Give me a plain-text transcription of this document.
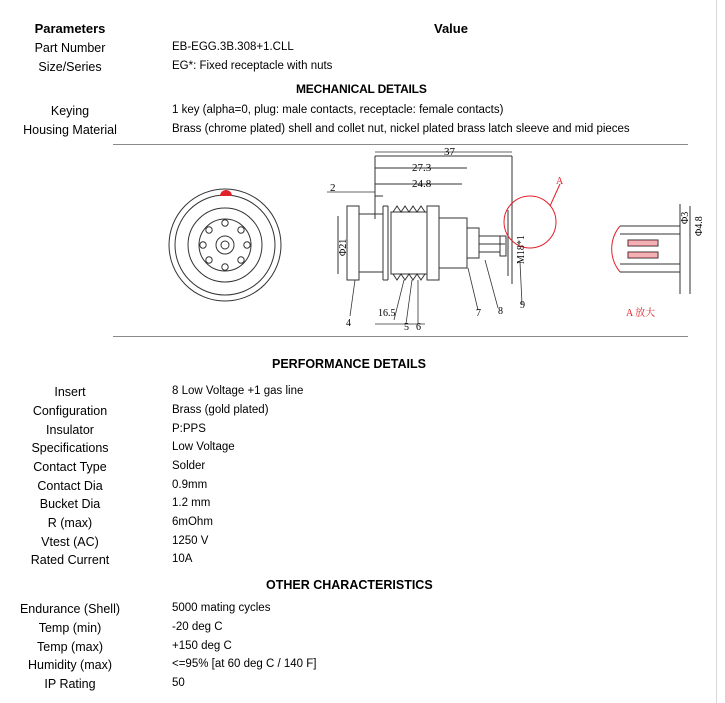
Parameters	Value
Part Number	EB-EGG.3B.308+1.CLL
Size/Series	EG*: Fixed receptacle with nuts
MECHANICAL DETAILS
Keying	1 key (alpha=0, plug: male contacts, receptacle: female contacts)
Housing Material	Brass (chrome plated) shell and collet nut, nickel plated brass latch sleeve and mid pieces
37
27.3
24.8
2
16.5
Φ21	M18*1
Φ3 Φ4.8
A
4	5 6
7 8
9
A 放大
PERFORMANCE DETAILS
Insert	8 Low Voltage +1 gas line
Configuration	Brass (gold plated)
Insulator	P:PPS
Specifications	Low Voltage
Contact Type	Solder
Contact Dia	0.9mm
Bucket Dia	1.2 mm
R (max)	6mOhm
Vtest (AC)	1250 V
Rated Current	10A
OTHER CHARACTERISTICS
Endurance (Shell)	5000 mating cycles
Temp (min)	-20 deg C
Temp (max)	+150 deg C
Humidity (max)	<=95% [at 60 deg C / 140 F]
IP Rating	50
